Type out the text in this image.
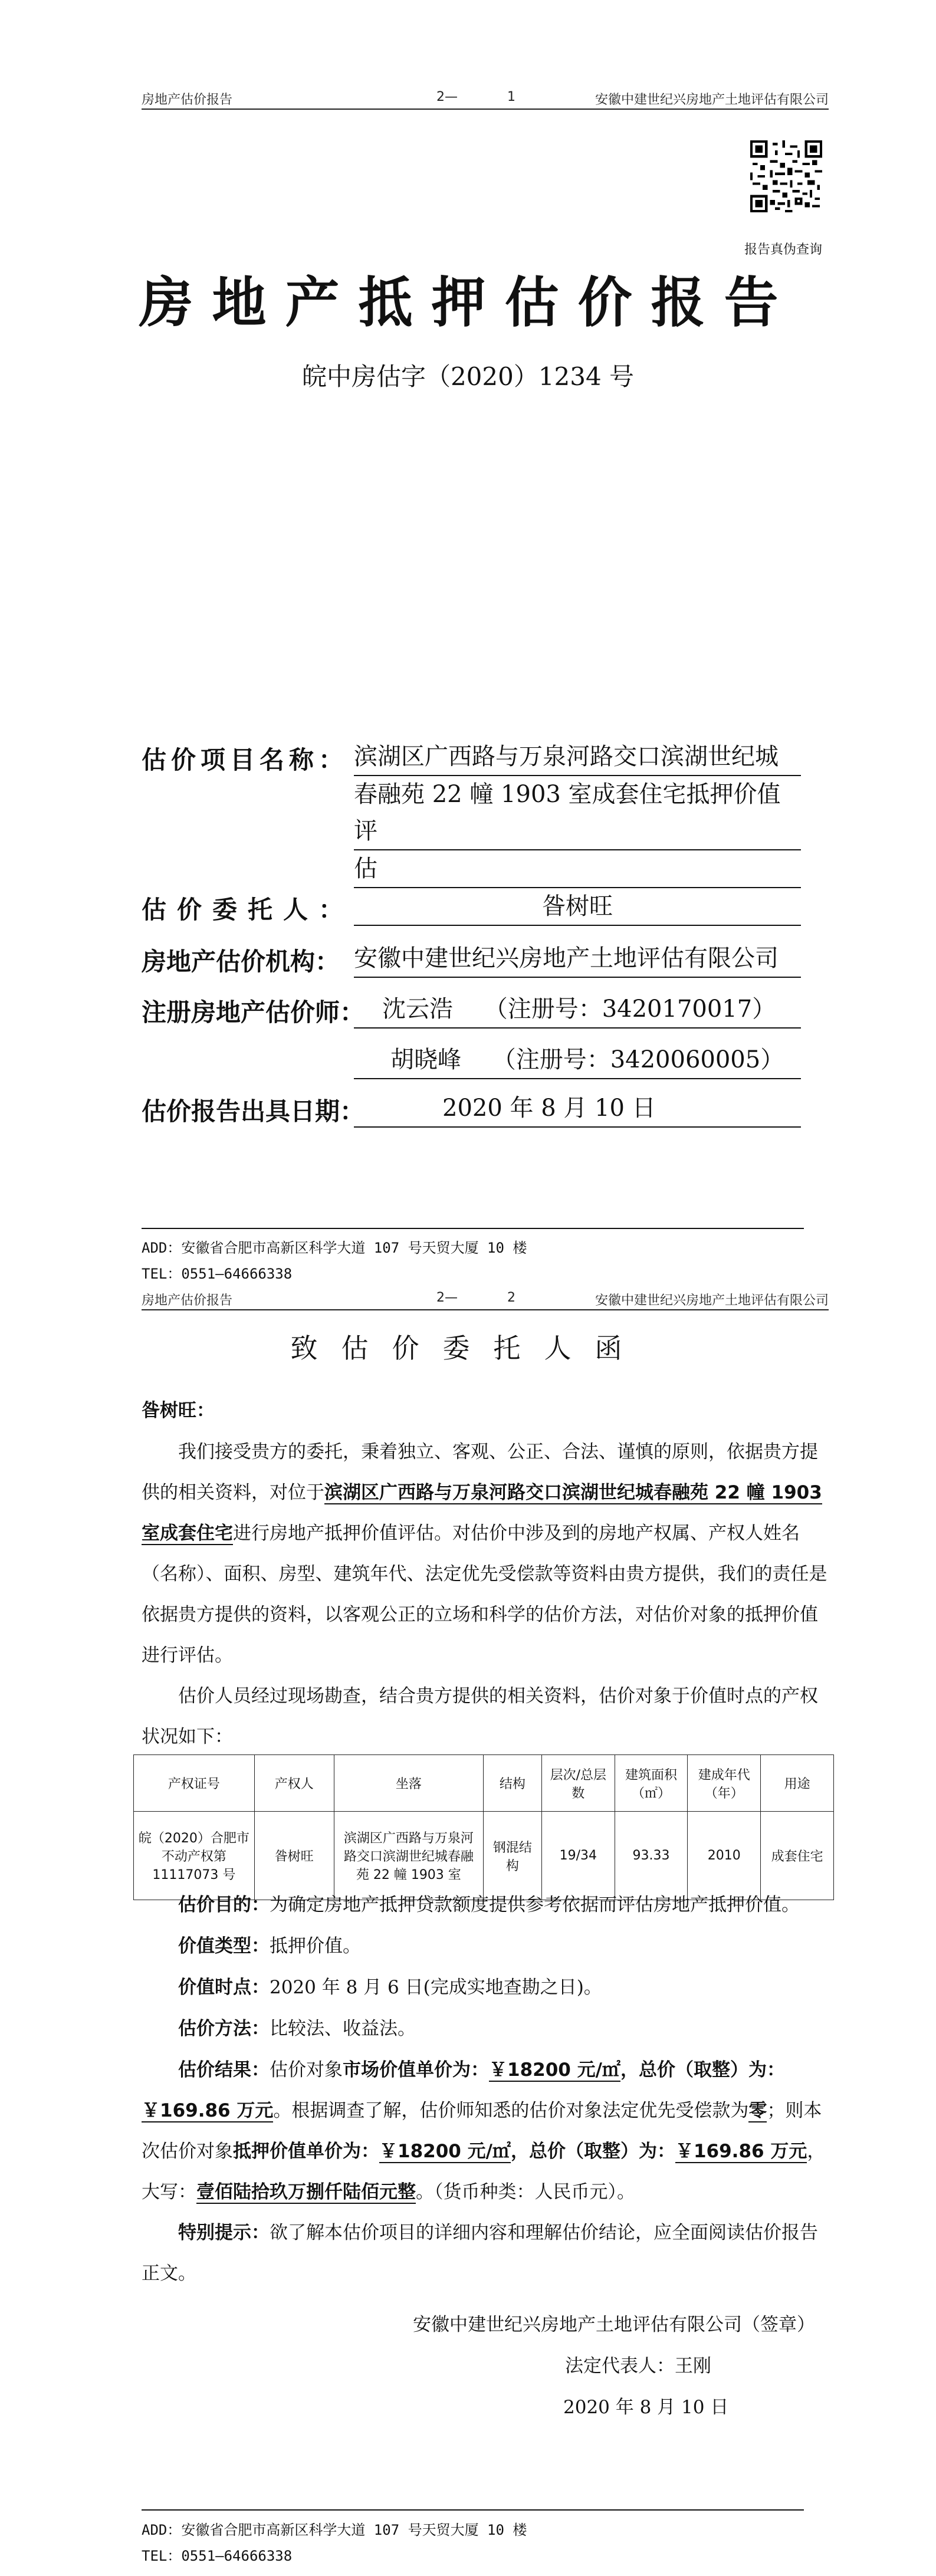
房地产估价报告	2—	1	安徽中建世纪兴房地产土地评估有限公司
报告真伪查询
房地产抵押估价报告
皖中房估字（2020）1234 号
估价项目名称： 滨湖区广西路与万泉河路交口滨湖世纪城
春融苑 22 幢 1903 室成套住宅抵押价值评
估
估价委托人：	昝树旺
房地产估价机构： 安徽中建世纪兴房地产土地评估有限公司
注册房地产估价师： 沈云浩　 （注册号：3420170017）
胡晓峰　 （注册号：3420060005）
估价报告出具日期：	2020 年 8 月 10 日
ADD：安徽省合肥市高新区科学大道 107 号天贸大厦 10 楼
TEL：0551—64666338
房地产估价报告	2—	2	安徽中建世纪兴房地产土地评估有限公司
致估价委托人函
昝树旺：
我们接受贵方的委托，秉着独立、客观、公正、合法、谨慎的原则，依据贵方提供的相关资料，对位于滨湖区广西路与万泉河路交口滨湖世纪城春融苑 22 幢 1903 室成套住宅进行房地产抵押价值评估。对估价中涉及到的房地产权属、产权人姓名（名称）、面积、房型、建筑年代、法定优先受偿款等资料由贵方提供，我们的责任是依据贵方提供的资料，以客观公正的立场和科学的估价方法，对估价对象的抵押价值进行评估。
估价人员经过现场勘查，结合贵方提供的相关资料，估价对象于价值时点的产权状况如下：
产权证号	产权人	坐落	结构	层次/总层数	建筑面积（㎡）	建成年代（年）	用途
皖（2020）合肥市不动产权第 11117073 号	昝树旺	滨湖区广西路与万泉河路交口滨湖世纪城春融苑 22 幢 1903 室	钢混结构	19/34	93.33	2010	成套住宅
估价目的：为确定房地产抵押贷款额度提供参考依据而评估房地产抵押价值。
价值类型：抵押价值。
价值时点：2020 年 8 月 6 日(完成实地查勘之日)。
估价方法：比较法、收益法。
估价结果：估价对象市场价值单价为：￥18200 元/㎡，总价（取整）为：￥169.86 万元。根据调查了解，估价师知悉的估价对象法定优先受偿款为零；则本次估价对象抵押价值单价为：￥18200 元/㎡，总价（取整）为：￥169.86 万元，大写：壹佰陆拾玖万捌仟陆佰元整。（货币种类：人民币元）。
特别提示：欲了解本估价项目的详细内容和理解估价结论，应全面阅读估价报告正文。
安徽中建世纪兴房地产土地评估有限公司（签章）
法定代表人：王刚
2020 年 8 月 10 日
ADD：安徽省合肥市高新区科学大道 107 号天贸大厦 10 楼
TEL：0551—64666338
